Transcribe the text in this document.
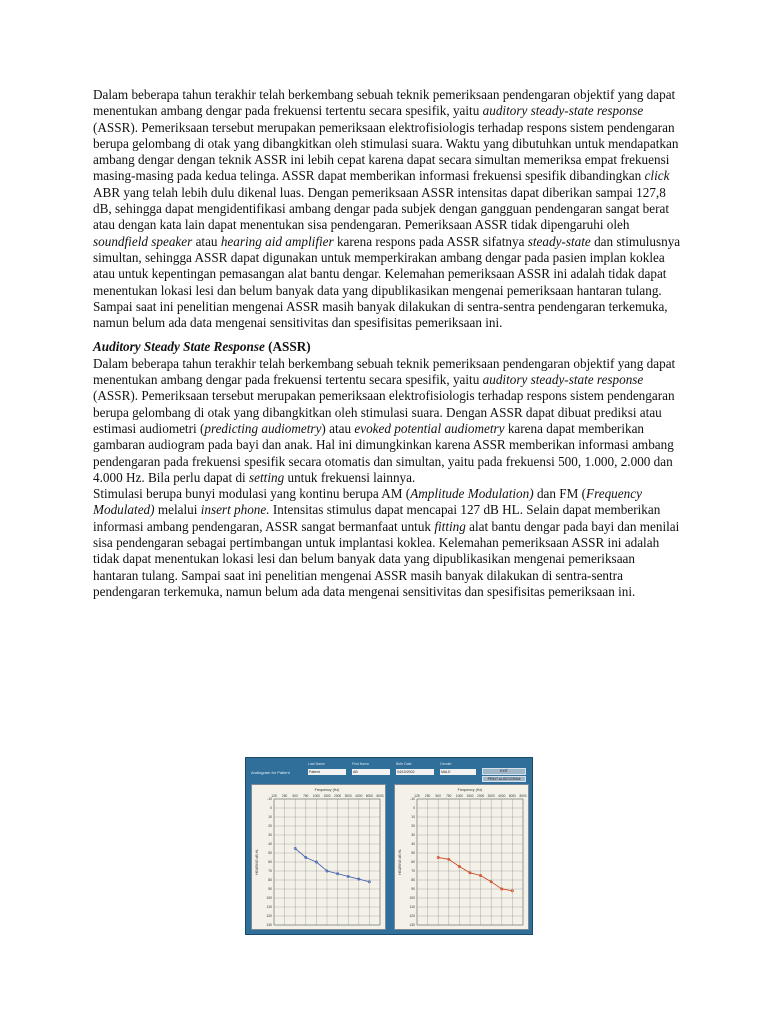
Dalam beberapa tahun terakhir telah berkembang sebuah teknik pemeriksaan pendengaran objektif yang dapat menentukan ambang dengar pada frekuensi tertentu secara spesifik, yaitu auditory steady-state response (ASSR). Pemeriksaan tersebut merupakan pemeriksaan elektrofisiologis terhadap respons sistem pendengaran berupa gelombang di otak yang dibangkitkan oleh stimulasi suara. Waktu yang dibutuhkan untuk mendapatkan ambang dengar dengan teknik ASSR ini lebih cepat karena dapat secara simultan memeriksa empat frekuensi masing-masing pada kedua telinga. ASSR dapat memberikan informasi frekuensi spesifik dibandingkan click ABR yang telah lebih dulu dikenal luas. Dengan pemeriksaan ASSR intensitas dapat diberikan sampai 127,8 dB, sehingga dapat mengidentifikasi ambang dengar pada subjek dengan gangguan pendengaran sangat berat atau dengan kata lain dapat menentukan sisa pendengaran. Pemeriksaan ASSR tidak dipengaruhi oleh soundfield speaker atau hearing aid amplifier karena respons pada ASSR sifatnya steady-state dan stimulusnya simultan, sehingga ASSR dapat digunakan untuk memperkirakan ambang dengar pada pasien implan koklea atau untuk kepentingan pemasangan alat bantu dengar. Kelemahan pemeriksaan ASSR ini adalah tidak dapat menentukan lokasi lesi dan belum banyak data yang dipublikasikan mengenai pemeriksaan hantaran tulang. Sampai saat ini penelitian mengenai ASSR masih banyak dilakukan di sentra-sentra pendengaran terkemuka, namun belum ada data mengenai sensitivitas dan spesifisitas pemeriksaan ini.

Auditory Steady State Response (ASSR)

Dalam beberapa tahun terakhir telah berkembang sebuah teknik pemeriksaan pendengaran objektif yang dapat menentukan ambang dengar pada frekuensi tertentu secara spesifik, yaitu auditory steady-state response (ASSR). Pemeriksaan tersebut merupakan pemeriksaan elektrofisiologis terhadap respons sistem pendengaran berupa gelombang di otak yang dibangkitkan oleh stimulasi suara. Dengan ASSR dapat dibuat prediksi atau estimasi audiometri (predicting audiometry) atau evoked potential audiometry karena dapat memberikan gambaran audiogram pada bayi dan anak. Hal ini dimungkinkan karena ASSR memberikan informasi ambang pendengaran pada frekuensi spesifik secara otomatis dan simultan, yaitu pada frekuensi 500, 1.000, 2.000 dan 4.000 Hz. Bila perlu dapat di setting untuk frekuensi lainnya.

Stimulasi berupa bunyi modulasi yang kontinu berupa AM (Amplitude Modulation) dan FM (Frequency Modulated) melalui insert phone. Intensitas stimulus dapat mencapai 127 dB HL. Selain dapat memberikan informasi ambang pendengaran, ASSR sangat bermanfaat untuk fitting alat bantu dengar pada bayi dan menilai sisa pendengaran sebagai pertimbangan untuk implantasi koklea. Kelemahan pemeriksaan ASSR ini adalah tidak dapat menentukan lokasi lesi dan belum banyak data yang dipublikasikan mengenai pemeriksaan hantaran tulang. Sampai saat ini penelitian mengenai ASSR masih banyak dilakukan di sentra-sentra pendengaran terkemuka, namun belum ada data mengenai sensitivitas dan spesifisitas pemeriksaan ini.

Audiogram for Patient
Last Name
Patient
First Name
AB
Birth Date
04/10/2002
Gender
MALE	EXIT
PRINT AUDIOGRAM
Frequency (Hz)
-10
0
10
20
30
40
50
60
70
80
90
100
110
120
130
125 250 500 750 1000 1500 2000 3000 4000 6000 8000
HEARING dB HL
Frequency (Hz)
-10
0
10
20
30
40
50
60
70
80
90
100
110
120
130
125 250 500 750 1000 1500 2000 3000 4000 6000 8000
HEARING dB HL
